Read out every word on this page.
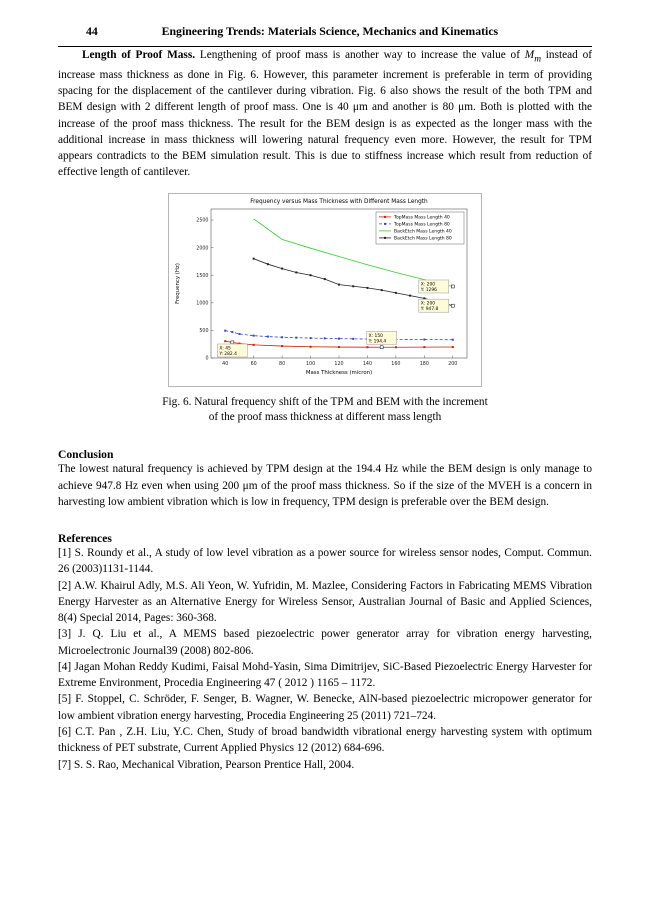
44	Engineering Trends: Materials Science, Mechanics and Kinematics

Length of Proof Mass. Lengthening of proof mass is another way to increase the value of $M_m$ instead of increase mass thickness as done in Fig. 6. However, this parameter increment is preferable in term of providing spacing for the displacement of the cantilever during vibration. Fig. 6 also shows the result of the both TPM and BEM design with 2 different length of proof mass. One is 40 μm and another is 80 μm. Both is plotted with the increase of the proof mass thickness. The result for the BEM design is as expected as the longer mass with the additional increase in mass thickness will lowering natural frequency even more. However, the result for TPM appears contradicts to the BEM simulation result. This is due to stiffness increase which result from reduction of effective length of cantilever.

Frequency versus Mass Thickness with Different Mass Length
40	60	80	100	120	140	160	180	200
0
500
1000
1500
2000
2500
Mass Thickness (micron)
Frequency (Hz)
TopMass Mass Length 40
TopMass Mass Length 80
BackEtch Mass Length 40
BackEtch Mass Length 80
X: 200
Y: 1296
X: 200
Y: 947.8
X: 150
Y: 194.4
X: 45
Y: 282.4
Fig. 6. Natural frequency shift of the TPM and BEM with the increment
of the proof mass thickness at different mass length

Conclusion

The lowest natural frequency is achieved by TPM design at the 194.4 Hz while the BEM design is only manage to achieve 947.8 Hz even when using 200 μm of the proof mass thickness. So if the size of the MVEH is a concern in harvesting low ambient vibration which is low in frequency, TPM design is preferable over the BEM design.

References

[1] S. Roundy et al., A study of low level vibration as a power source for wireless sensor nodes, Comput. Commun. 26 (2003)1131-1144.

[2] A.W. Khairul Adly, M.S. Ali Yeon, W. Yufridin, M. Mazlee, Considering Factors in Fabricating MEMS Vibration Energy Harvester as an Alternative Energy for Wireless Sensor, Australian Journal of Basic and Applied Sciences, 8(4) Special 2014, Pages: 360-368.

[3] J. Q. Liu et al., A MEMS based piezoelectric power generator array for vibration energy harvesting, Microelectronic Journal39 (2008) 802-806.

[4] Jagan Mohan Reddy Kudimi, Faisal Mohd-Yasin, Sima Dimitrijev, SiC-Based Piezoelectric Energy Harvester for Extreme Environment, Procedia Engineering 47 ( 2012 ) 1165 – 1172.

[5] F. Stoppel, C. Schröder, F. Senger, B. Wagner, W. Benecke, AlN-based piezoelectric micropower generator for low ambient vibration energy harvesting, Procedia Engineering 25 (2011) 721–724.

[6] C.T. Pan , Z.H. Liu, Y.C. Chen, Study of broad bandwidth vibrational energy harvesting system with optimum thickness of PET substrate, Current Applied Physics 12 (2012) 684-696.

[7] S. S. Rao, Mechanical Vibration, Pearson Prentice Hall, 2004.
